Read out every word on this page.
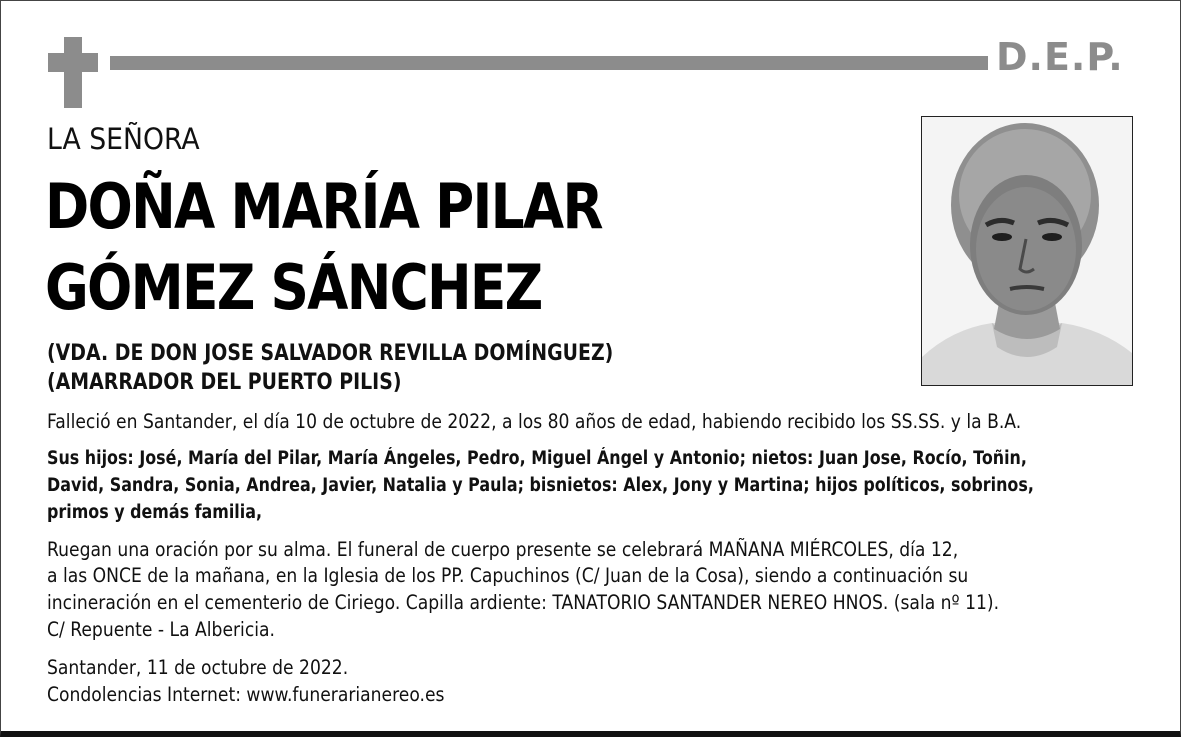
D.E.P.
LA SEÑORA
DOÑA MARÍA PILAR
GÓMEZ SÁNCHEZ
(VDA. DE DON JOSE SALVADOR REVILLA DOMÍNGUEZ)
(AMARRADOR DEL PUERTO PILIS)
Falleció en Santander, el día 10 de octubre de 2022, a los 80 años de edad, habiendo recibido los SS.SS. y la B.A.
Sus hijos: José, María del Pilar, María Ángeles, Pedro, Miguel Ángel y Antonio; nietos: Juan Jose, Rocío, Toñin,
David, Sandra, Sonia, Andrea, Javier, Natalia y Paula; bisnietos: Alex, Jony y Martina; hijos políticos, sobrinos,
primos y demás familia,
Ruegan una oración por su alma. El funeral de cuerpo presente se celebrará MAÑANA MIÉRCOLES, día 12,
a las ONCE de la mañana, en la Iglesia de los PP. Capuchinos (C/ Juan de la Cosa), siendo a continuación su
incineración en el cementerio de Ciriego. Capilla ardiente: TANATORIO SANTANDER NEREO HNOS. (sala nº 11).
C/ Repuente - La Albericia.
Santander, 11 de octubre de 2022.
Condolencias Internet: www.funerarianereo.es
